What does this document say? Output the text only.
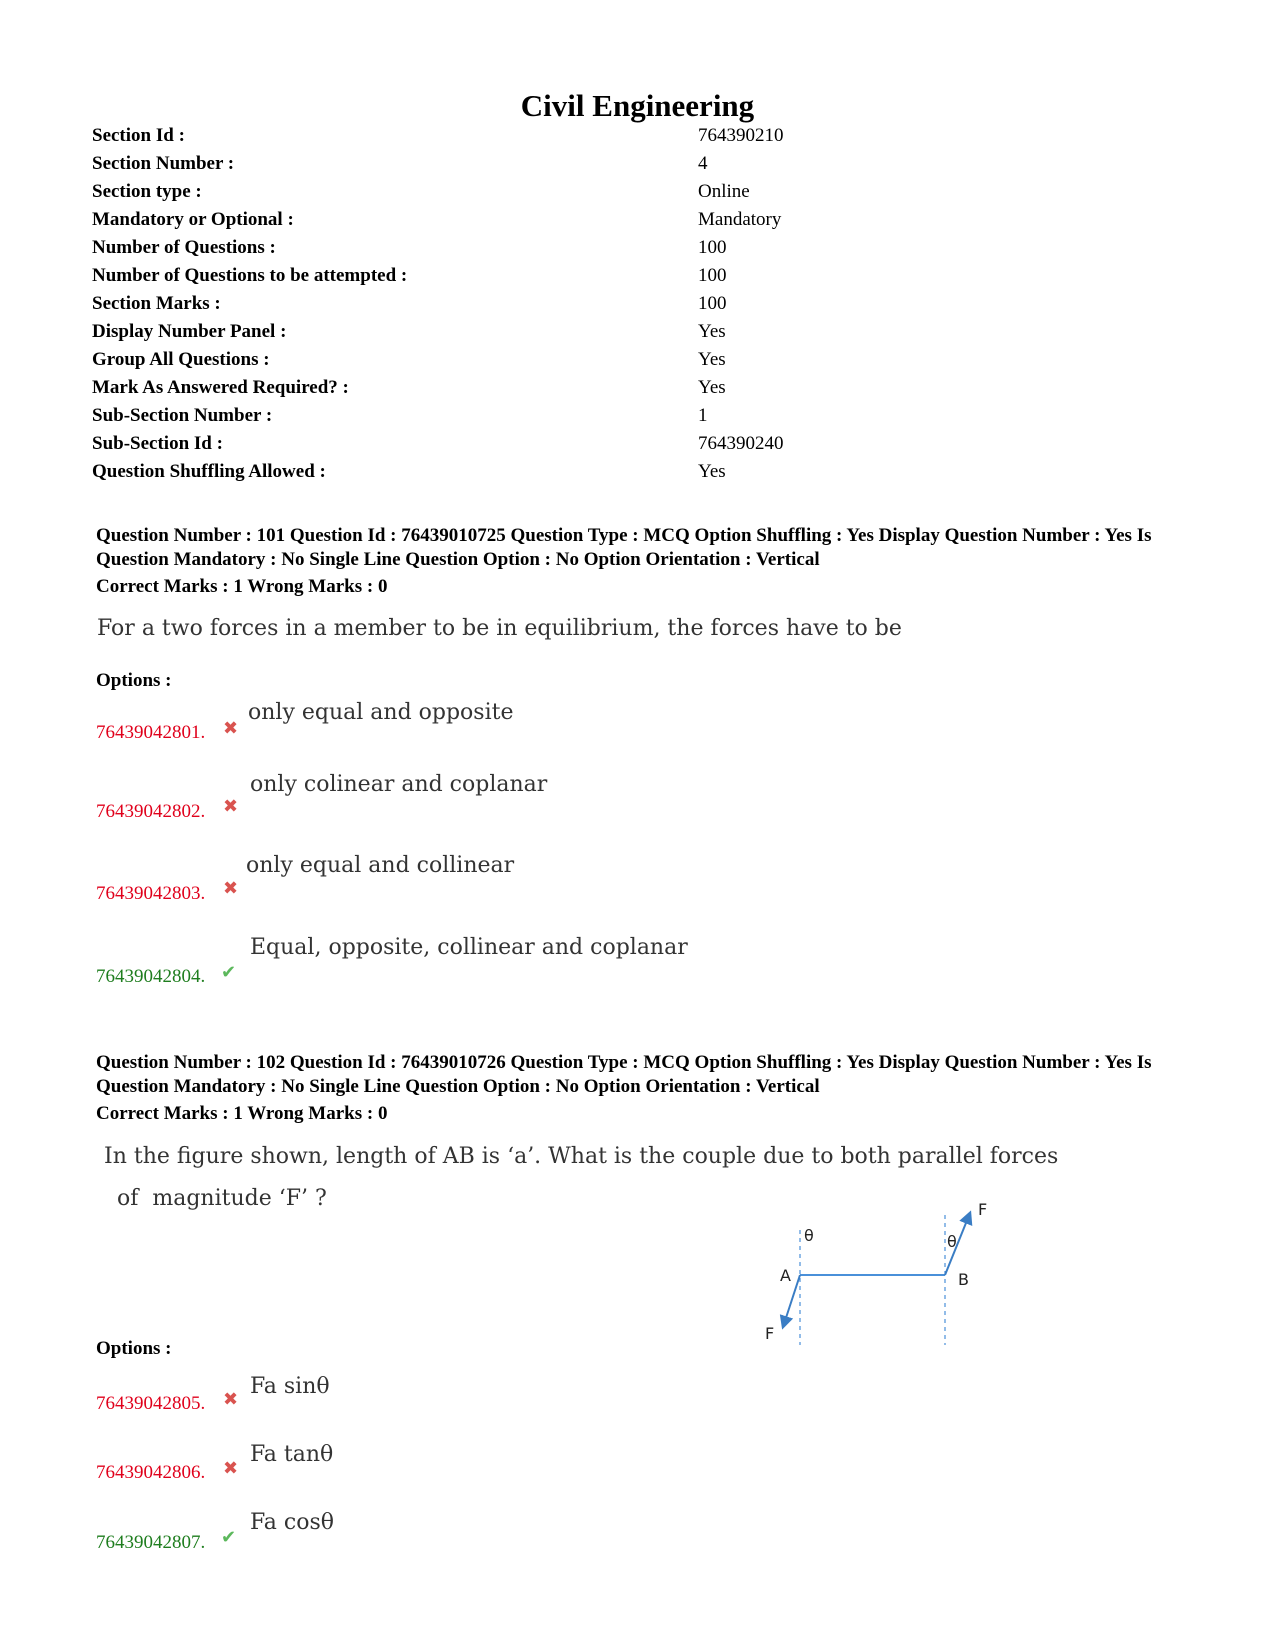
Civil Engineering
Section Id :	764390210
Section Number :	4
Section type :	Online
Mandatory or Optional :	Mandatory
Number of Questions :	100
Number of Questions to be attempted :	100
Section Marks :	100
Display Number Panel :	Yes
Group All Questions :	Yes
Mark As Answered Required? :	Yes
Sub-Section Number :	1
Sub-Section Id :	764390240
Question Shuffling Allowed :	Yes
Question Number : 101 Question Id : 76439010725 Question Type : MCQ Option Shuffling : Yes Display Question Number : Yes Is Question Mandatory : No Single Line Question Option : No Option Orientation : Vertical
Correct Marks : 1 Wrong Marks : 0
For a two forces in a member to be in equilibrium, the forces have to be
Options :
only equal and opposite
76439042801. ✖
only colinear and coplanar
76439042802. ✖
only equal and collinear
76439042803. ✖
Equal, opposite, collinear and coplanar
76439042804. ✔
Question Number : 102 Question Id : 76439010726 Question Type : MCQ Option Shuffling : Yes Display Question Number : Yes Is Question Mandatory : No Single Line Question Option : No Option Orientation : Vertical
Correct Marks : 1 Wrong Marks : 0
In the figure shown, length of AB is ‘a’. What is the couple due to both parallel forces
of  magnitude ‘F’ ?
A	B
F
F
θ	θ
Options :
Fa sinθ
76439042805. ✖
Fa tanθ
76439042806. ✖
Fa cosθ
76439042807. ✔
